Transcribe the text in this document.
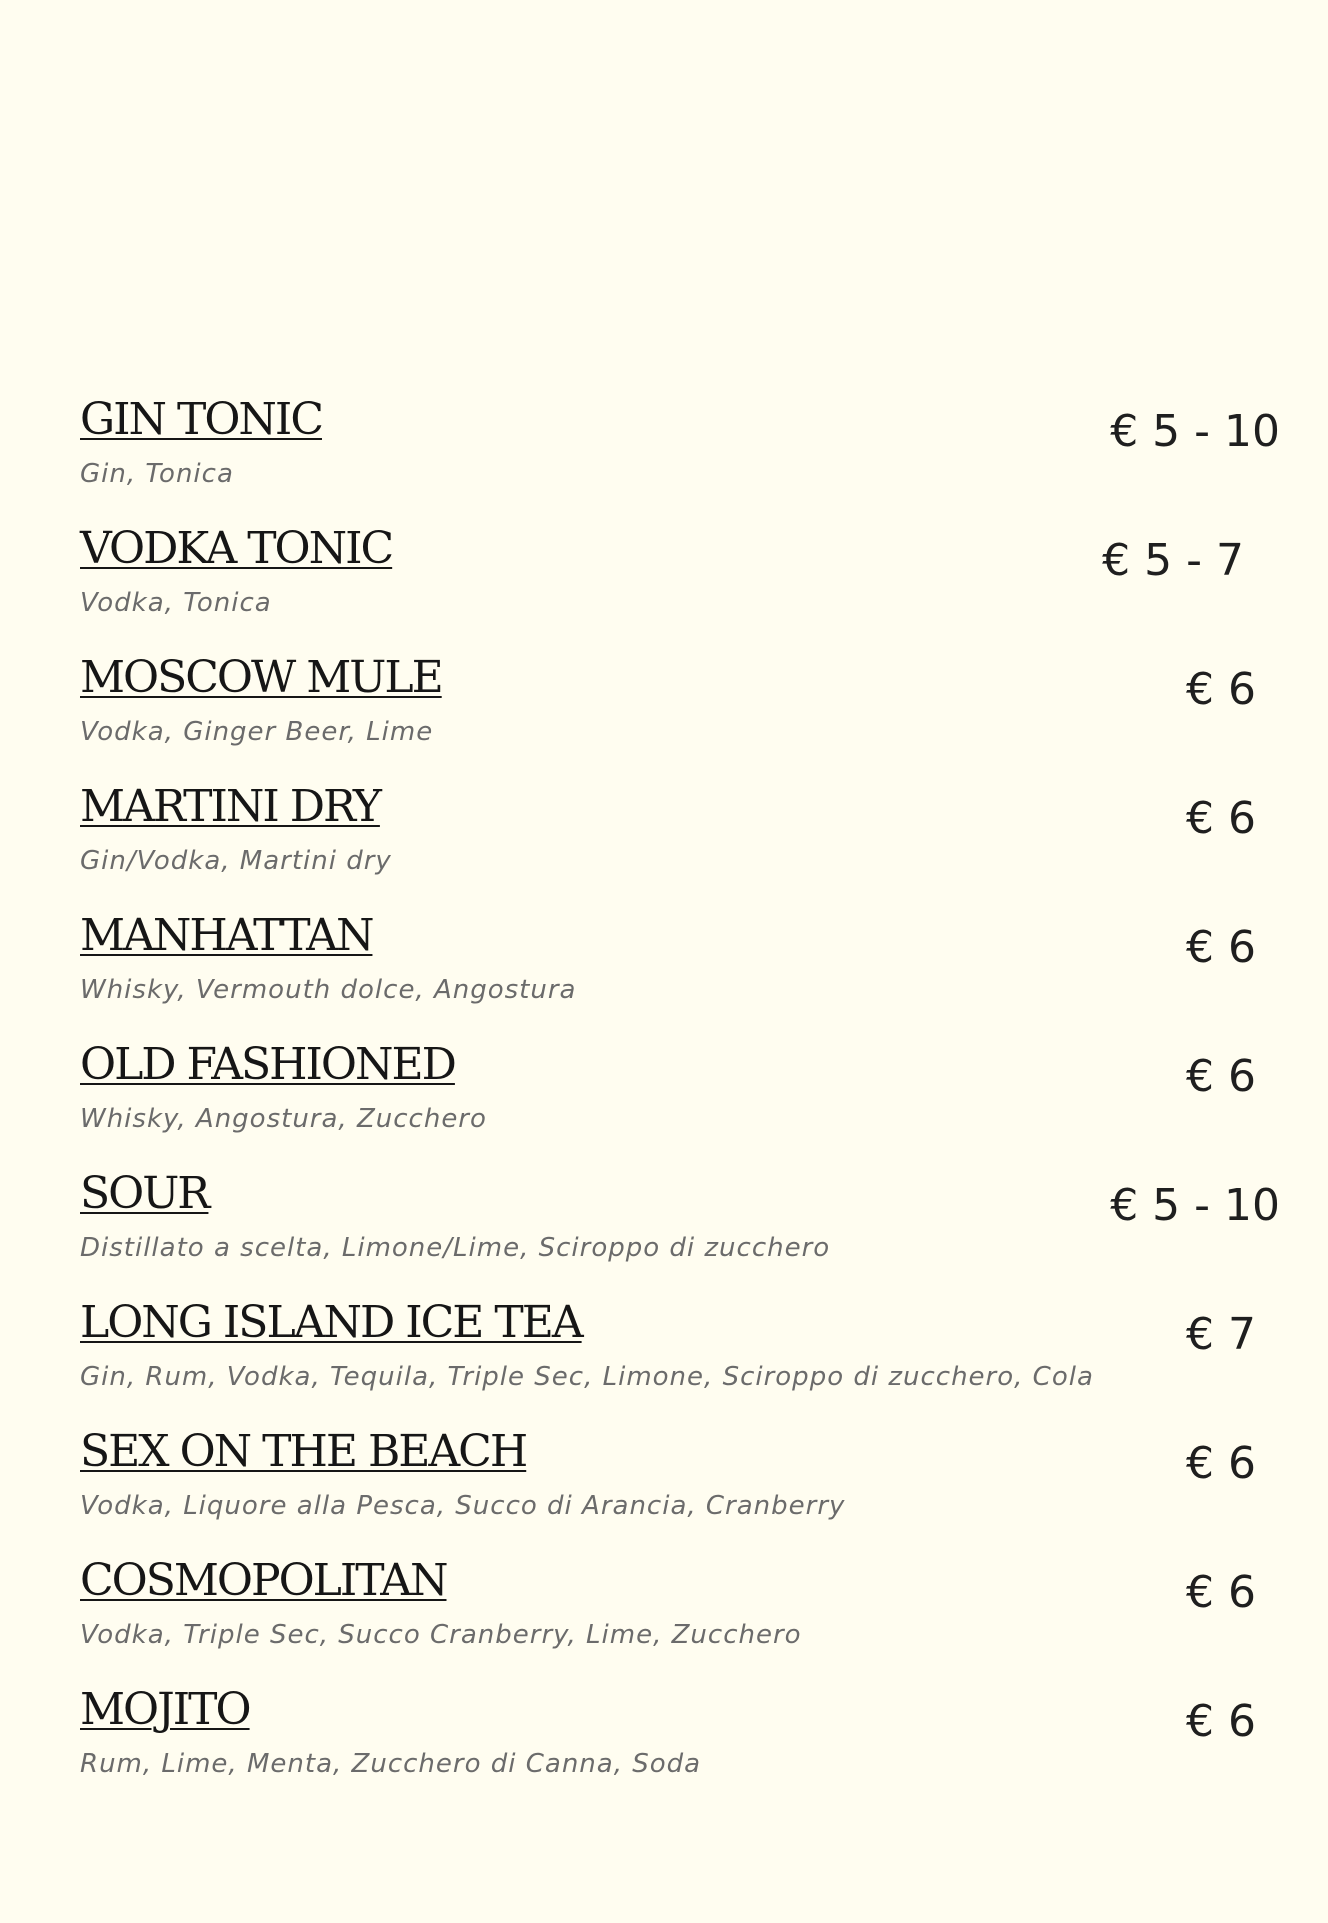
GIN TONIC
Gin, Tonica
€ 5 - 10
VODKA TONIC
Vodka, Tonica
€ 5 - 7
MOSCOW MULE
Vodka, Ginger Beer, Lime
€ 6
MARTINI DRY
Gin/Vodka, Martini dry
€ 6
MANHATTAN
Whisky, Vermouth dolce, Angostura
€ 6
OLD FASHIONED
Whisky, Angostura, Zucchero
€ 6
SOUR
Distillato a scelta, Limone/Lime, Sciroppo di zucchero
€ 5 - 10
LONG ISLAND ICE TEA
Gin, Rum, Vodka, Tequila, Triple Sec, Limone, Sciroppo di zucchero, Cola
€ 7
SEX ON THE BEACH
Vodka, Liquore alla Pesca, Succo di Arancia, Cranberry
€ 6
COSMOPOLITAN
Vodka, Triple Sec, Succo Cranberry, Lime, Zucchero
€ 6
MOJITO
Rum, Lime, Menta, Zucchero di Canna, Soda
€ 6
